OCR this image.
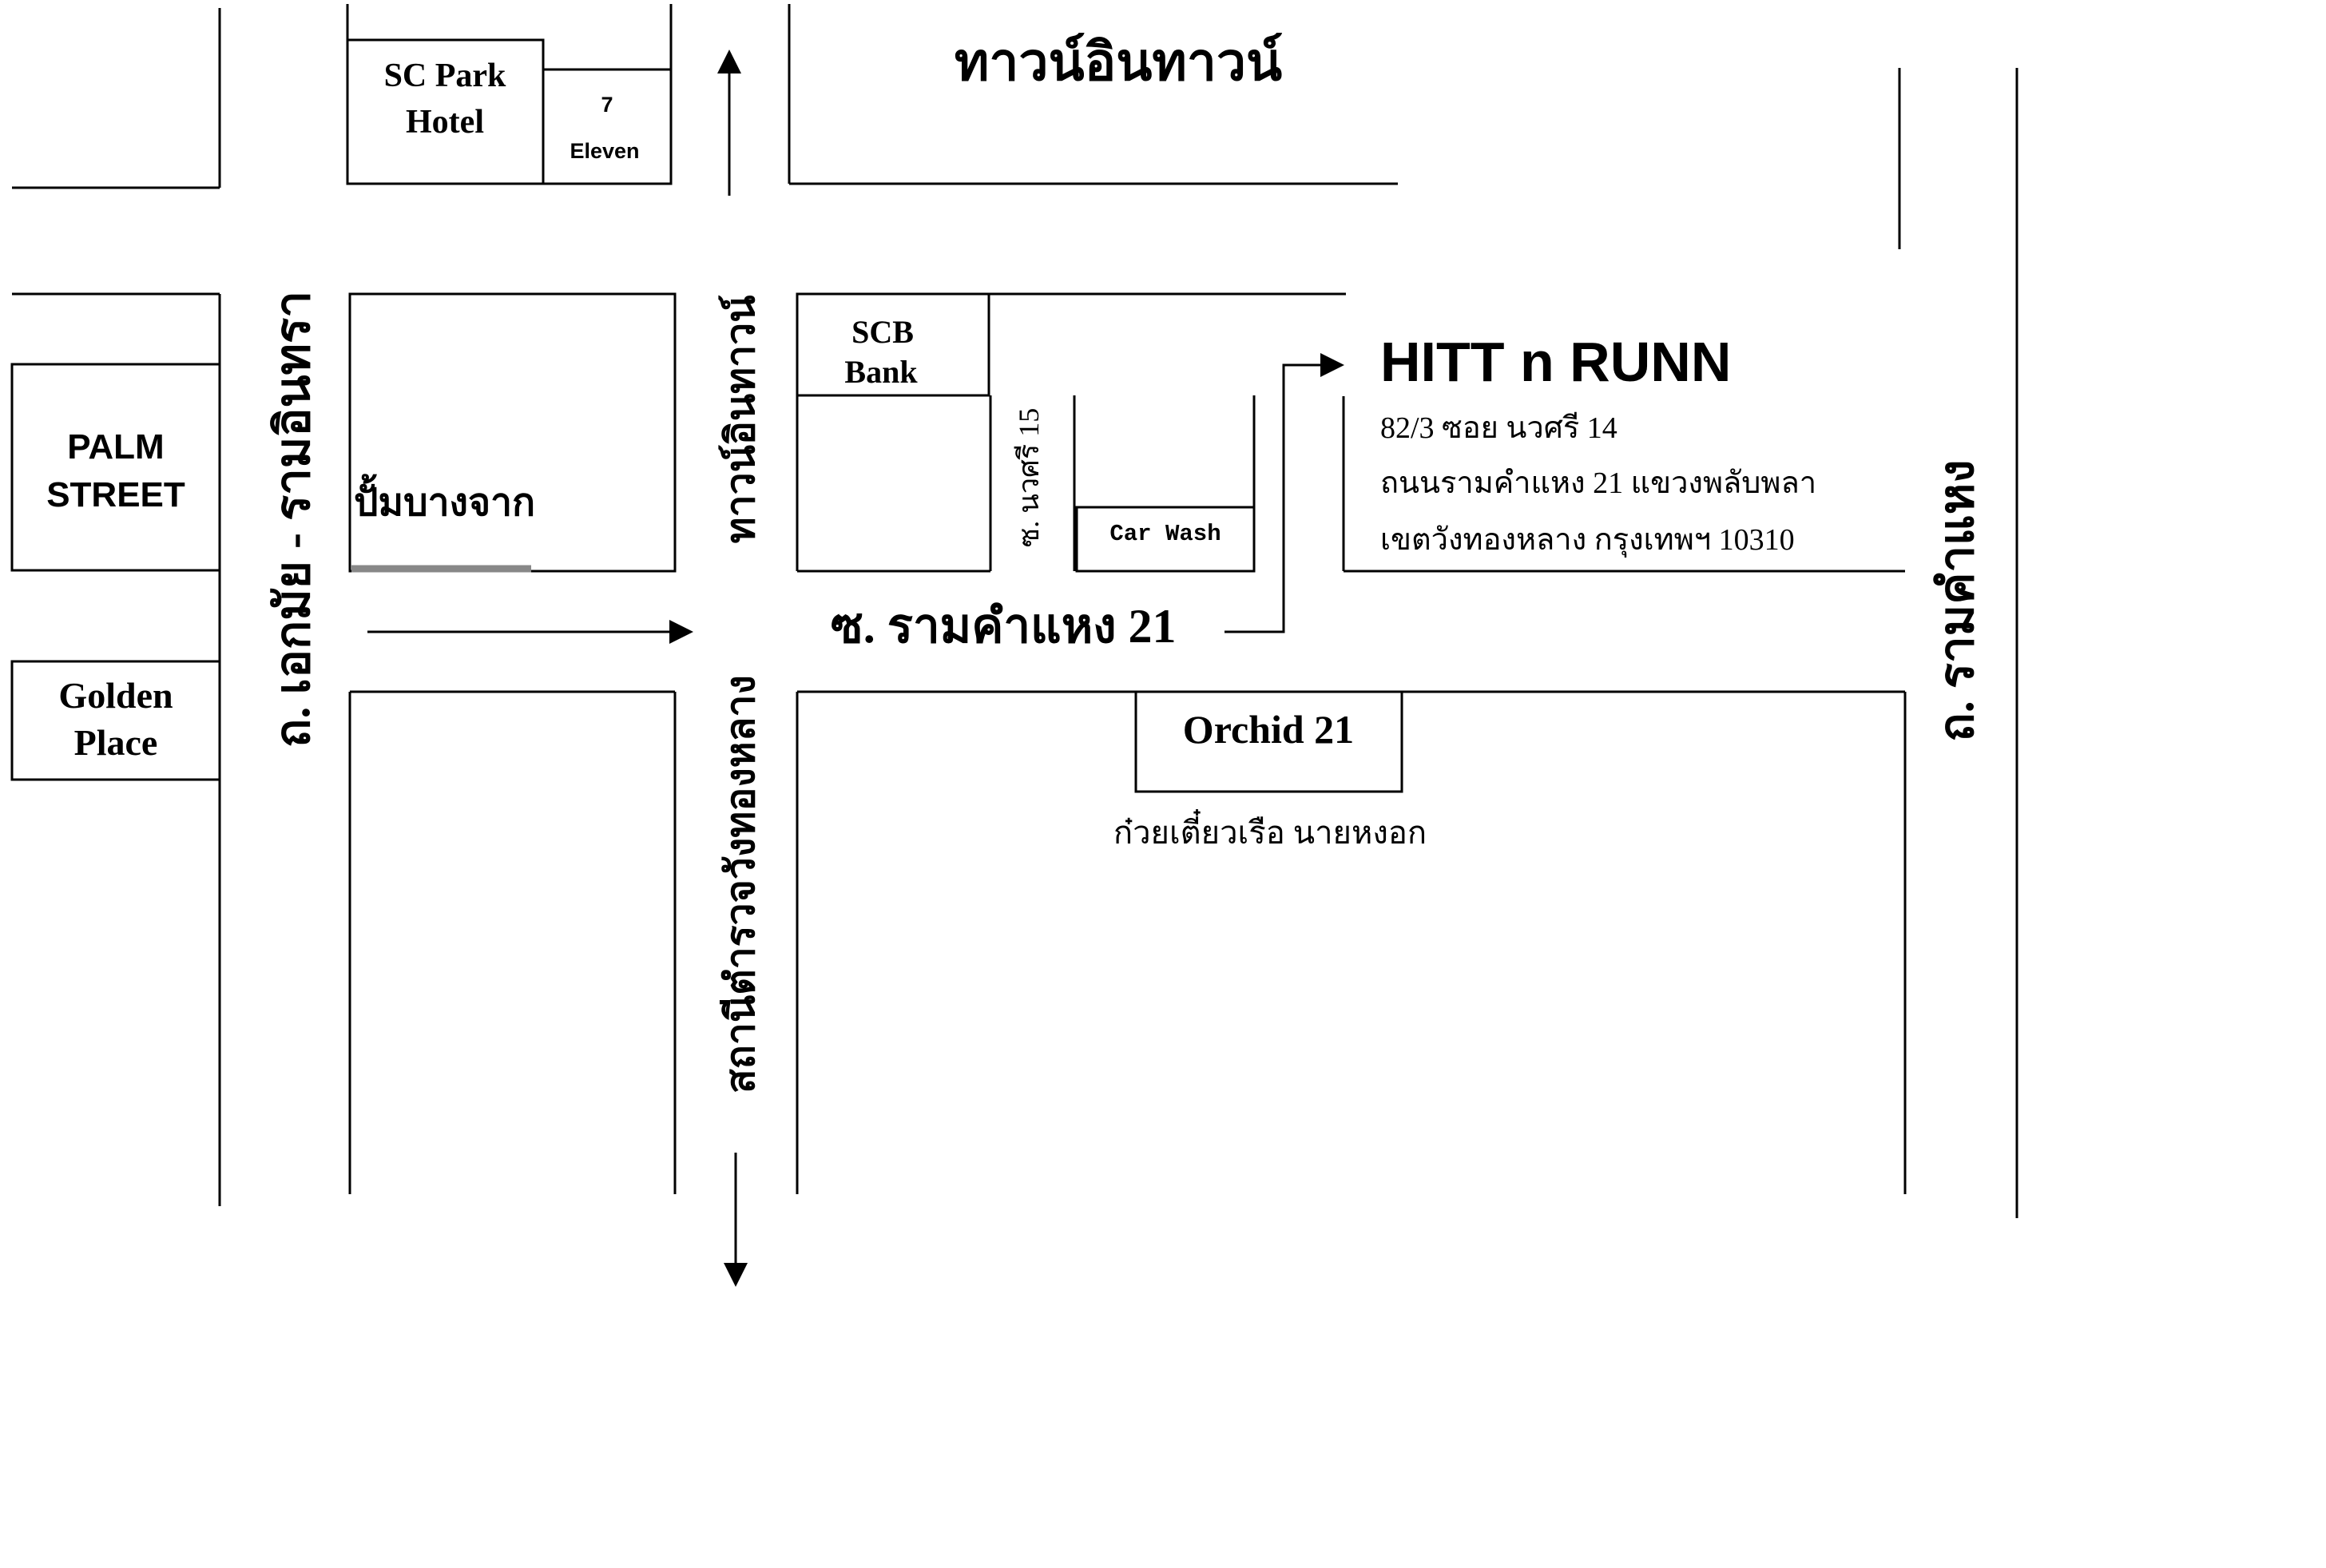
SC Park
Hotel	7
Eleven
ทาวน์อินทาวน์
PALM
STREET
Golden
Place ถ. เอกมัย - รามอินทรา ปั้มบางจาก	ทาวน์อินทาวน์	SCB
Bank
ซ. นวศรี 15	Car Wash
ซ. รามคำแหง 21
HITT n RUNN
82/3 ซอย นวศรี 14
ถนนรามคำแหง 21 แขวงพลับพลา
เขตวังทองหลาง กรุงเทพฯ 10310	ถ. รามคำแหง
สถานีตำรวจวังทองหลาง	Orchid 21
ก๋วยเตี๋ยวเรือ นายหงอก
